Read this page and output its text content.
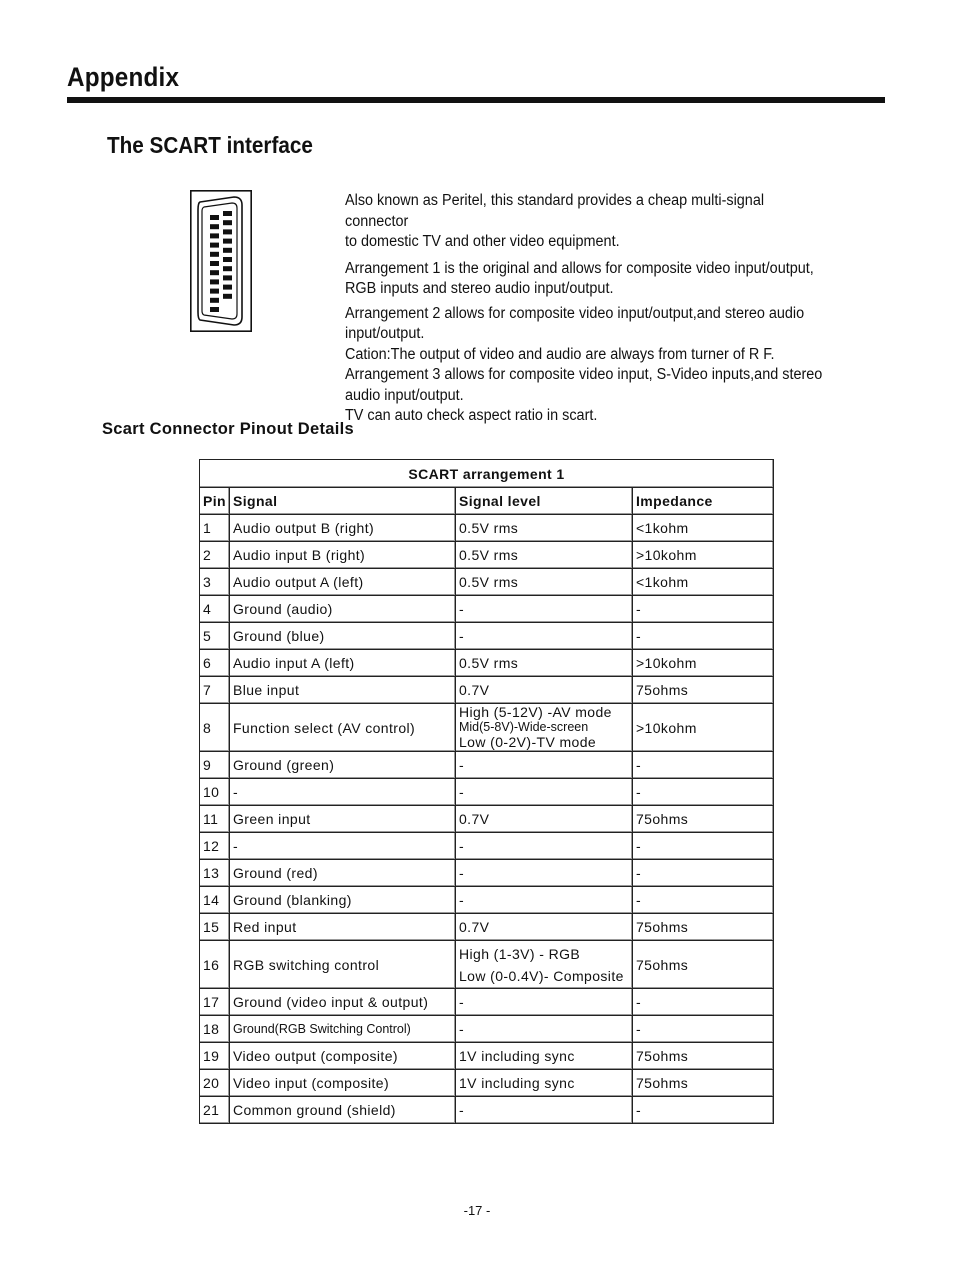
Appendix
The SCART interface

Also known as Peritel, this standard provides a cheap multi-signal connector

to domestic TV and other video equipment.

Arrangement 1 is the original and allows for composite video input/output,

RGB inputs and stereo audio input/output.

Arrangement 2 allows for composite video input/output,and stereo audio

input/output.

Cation:The output of video and audio are always from turner of R F.

Arrangement 3 allows for composite video input, S-Video inputs,and stereo

audio input/output.

TV can auto check aspect ratio in scart.

Scart Connector Pinout Details
SCART arrangement 1			
Pin	Signal	Signal level	Impedance
1	Audio output B (right)	0.5V rms	<1kohm
2	Audio input B (right)	0.5V rms	>10kohm
3	Audio output A (left)	0.5V rms	<1kohm
4	Ground (audio)	-	-
5	Ground (blue)	-	-
6	Audio input A (left)	0.5V rms	>10kohm
7	Blue input	0.7V	75ohms
8	Function select (AV control)	High (5-12V) -AV mode
Mid(5-8V)-Wide-screen
Low (0-2V)-TV mode	>10kohm
9	Ground (green)	-	-
10	-	-	-
11	Green input	0.7V	75ohms
12	-	-	-
13	Ground (red)	-	-
14	Ground (blanking)	-	-
15	Red input	0.7V	75ohms
16	RGB switching control	High (1-3V) - RGB
Low (0-0.4V)- Composite	75ohms
17	Ground (video input & output)	-	-
18	Ground(RGB Switching Control)	-	-
19	Video output (composite)	1V including sync	75ohms
20	Video input (composite)	1V including sync	75ohms
21	Common ground (shield)	-	-
-17 -
